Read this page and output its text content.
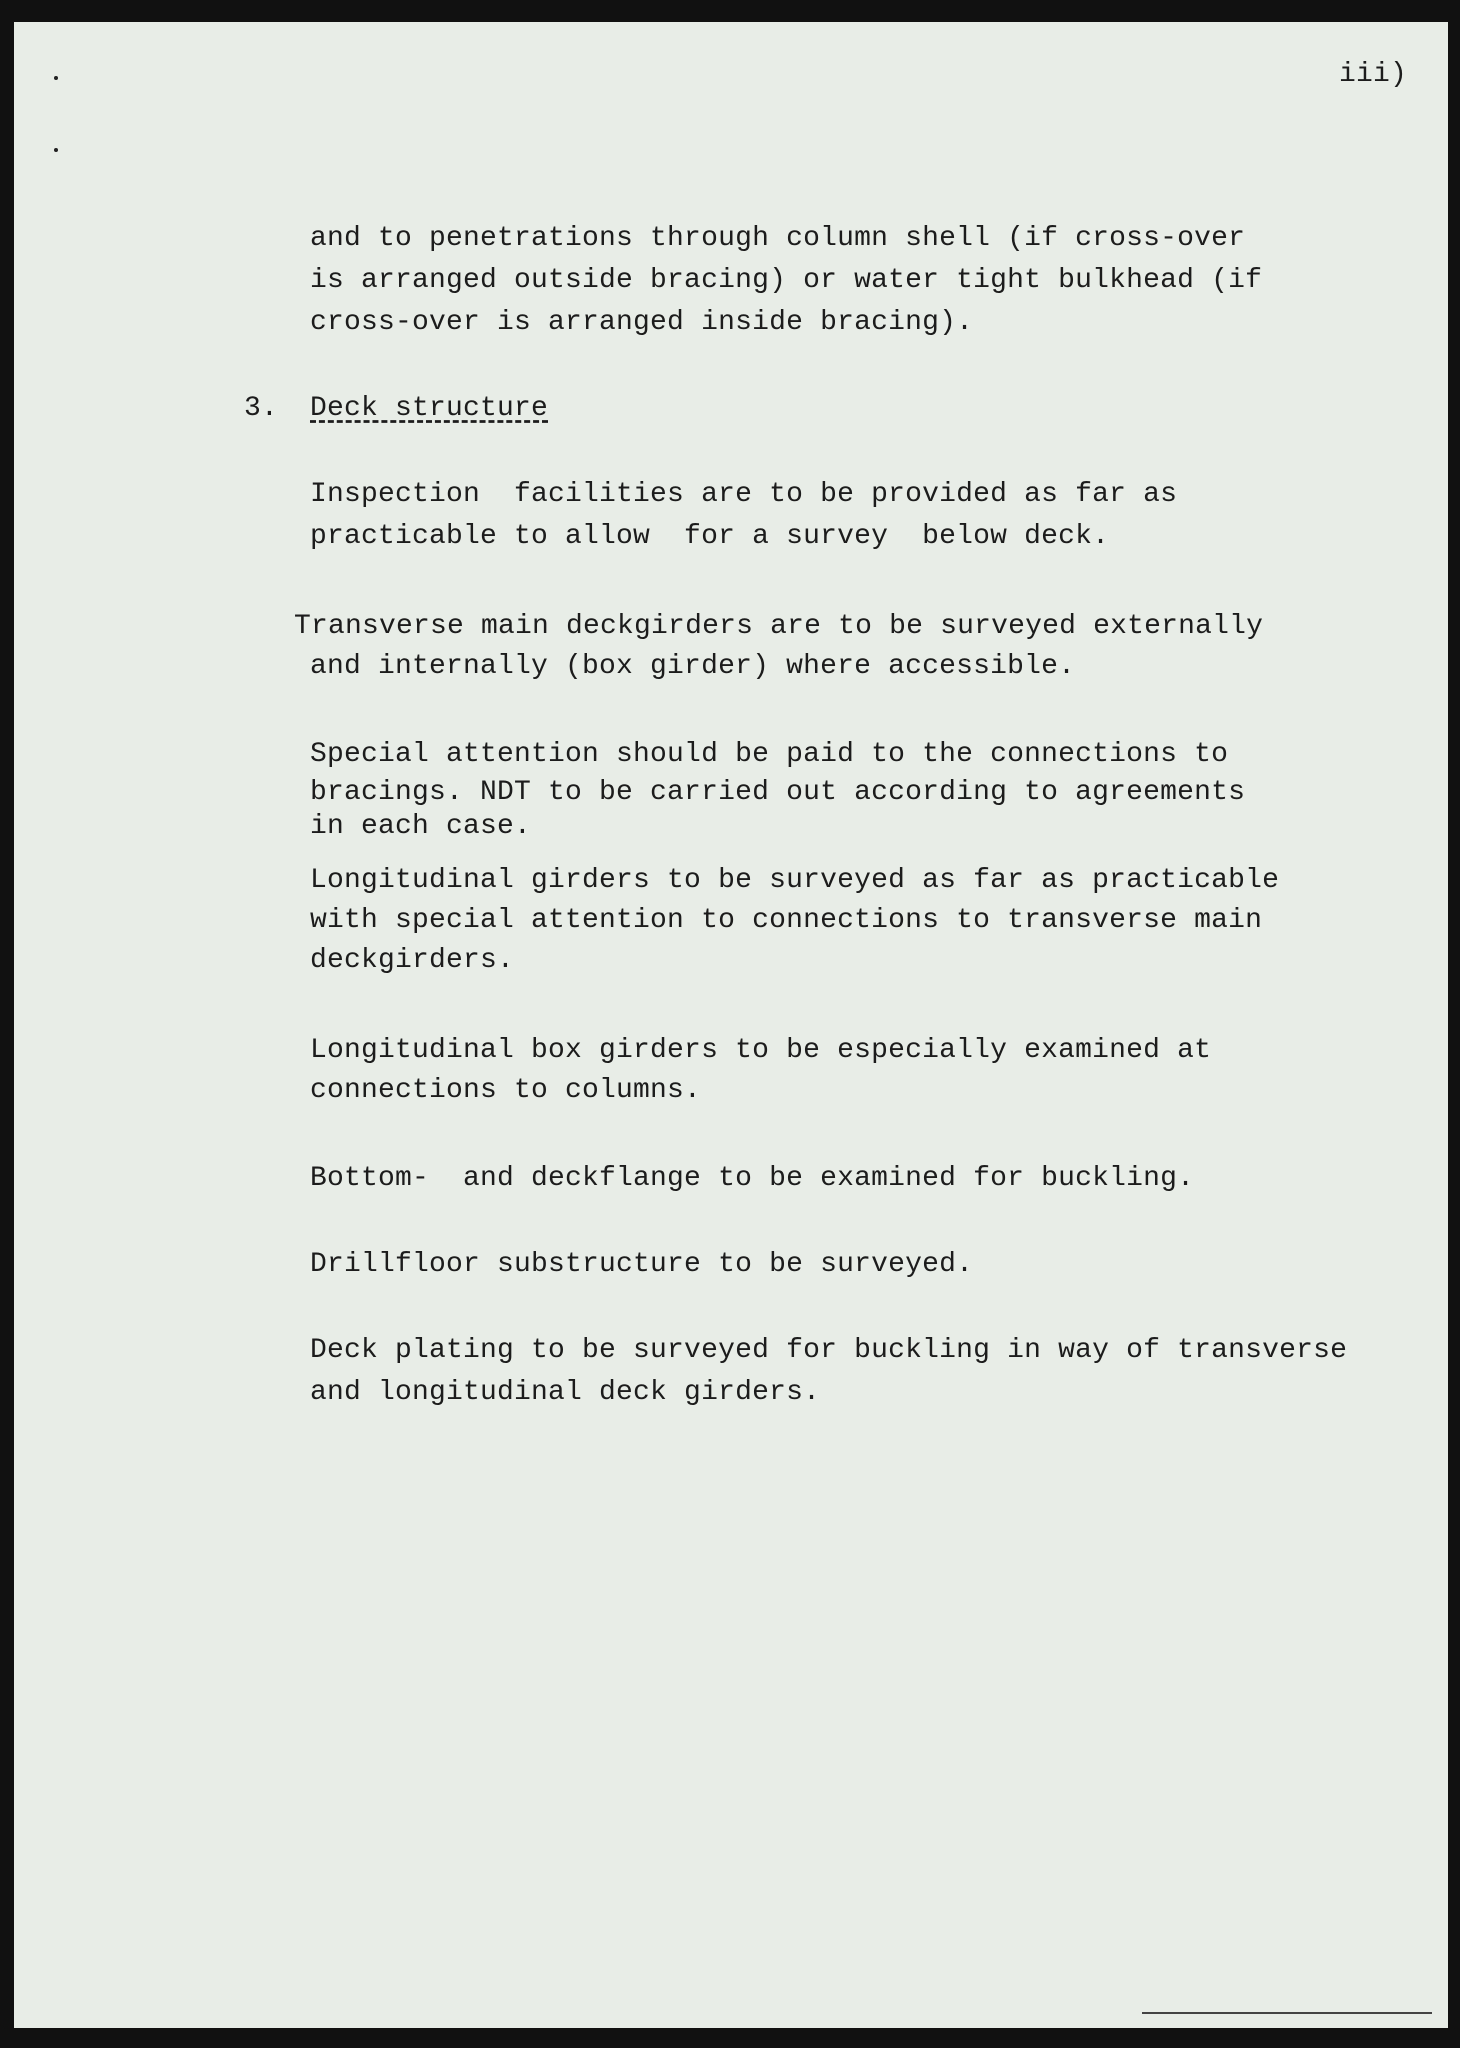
iii)
and to penetrations through column shell (if cross-over
is arranged outside bracing) or water tight bulkhead (if
cross-over is arranged inside bracing).
3. Deck structure
Inspection  facilities are to be provided as far as
practicable to allow  for a survey  below deck.
Transverse main deckgirders are to be surveyed externally
and internally (box girder) where accessible.
Special attention should be paid to the connections to
bracings. NDT to be carried out according to agreements
in each case.
Longitudinal girders to be surveyed as far as practicable
with special attention to connections to transverse main
deckgirders.
Longitudinal box girders to be especially examined at
connections to columns.
Bottom-  and deckflange to be examined for buckling.
Drillfloor substructure to be surveyed.
Deck plating to be surveyed for buckling in way of transverse
and longitudinal deck girders.
